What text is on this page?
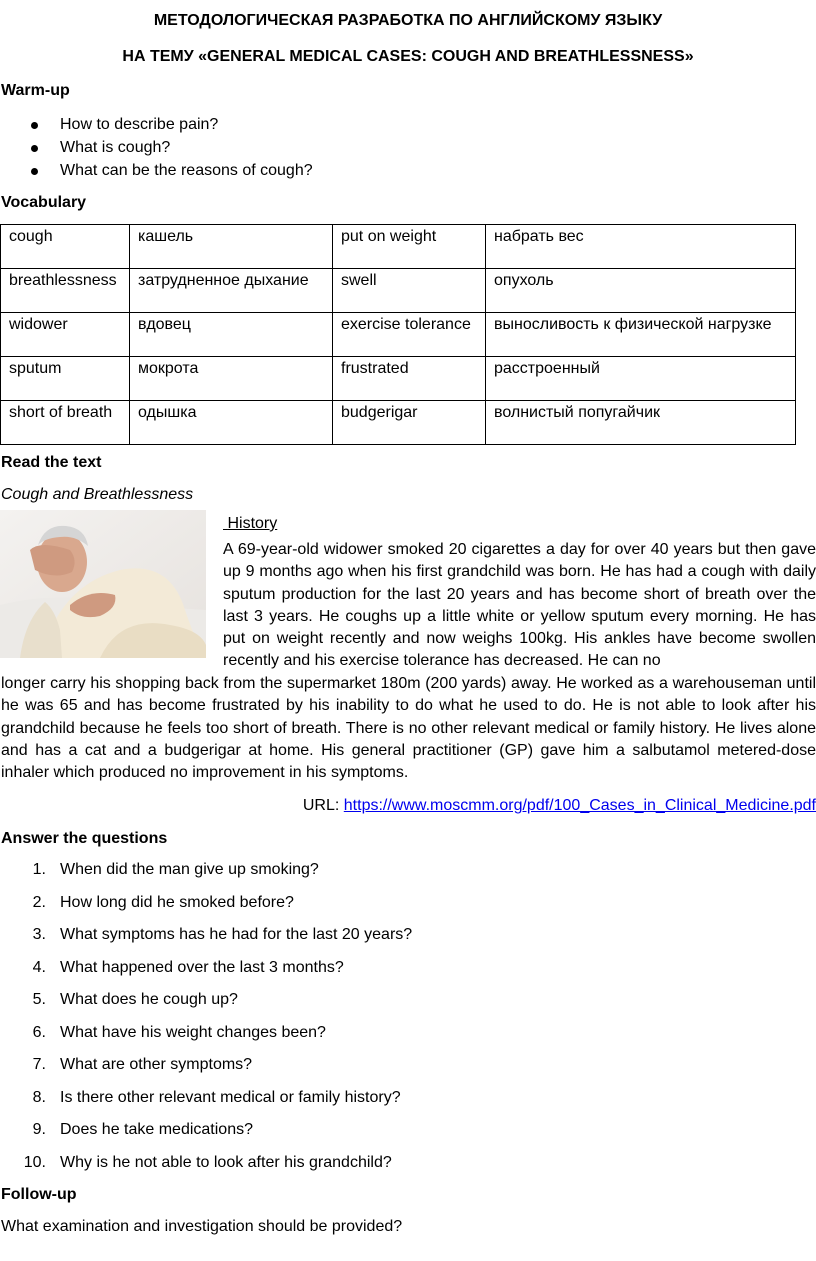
МЕТОДОЛОГИЧЕСКАЯ РАЗРАБОТКА ПО АНГЛИЙСКОМУ ЯЗЫКУ
НА ТЕМУ «GENERAL MEDICAL CASES: COUGH AND BREATHLESSNESS»
Warm-up
How to describe pain?
What is cough?
What can be the reasons of cough?
Vocabulary
cough	кашель	put on weight	набрать вес
breathlessness	затрудненное дыхание	swell	опухоль
widower	вдовец	exercise tolerance	выносливость к физической нагрузке
sputum	мокрота	frustrated	расстроенный
short of breath	одышка	budgerigar	волнистый попугайчик
Read the text
Cough and Breathlessness
History
A 69-year-old widower smoked 20 cigarettes a day for over 40 years but then gave up 9 months ago when his first grandchild was born. He has had a cough with daily sputum production for the last 20 years and has become short of breath over the last 3 years. He coughs up a little white or yellow sputum every morning. He has put on weight recently and now weighs 100kg. His ankles have become swollen recently and his exercise tolerance has decreased. He can no
longer carry his shopping back from the supermarket 180m (200 yards) away. He worked as a warehouseman until he was 65 and has become frustrated by his inability to do what he used to do. He is not able to look after his grandchild because he feels too short of breath. There is no other relevant medical or family history. He lives alone and has a cat and a budgerigar at home. His general practitioner (GP) gave him a salbutamol metered-dose inhaler which produced no improvement in his symptoms.
URL: https://www.moscmm.org/pdf/100_Cases_in_Clinical_Medicine.pdf
Answer the questions
1. When did the man give up smoking?
2. How long did he smoked before?
3. What symptoms has he had for the last 20 years?
4. What happened over the last 3 months?
5. What does he cough up?
6. What have his weight changes been?
7. What are other symptoms?
8. Is there other relevant medical or family history?
9. Does he take medications?
10. Why is he not able to look after his grandchild?
Follow-up
What examination and investigation should be provided?
